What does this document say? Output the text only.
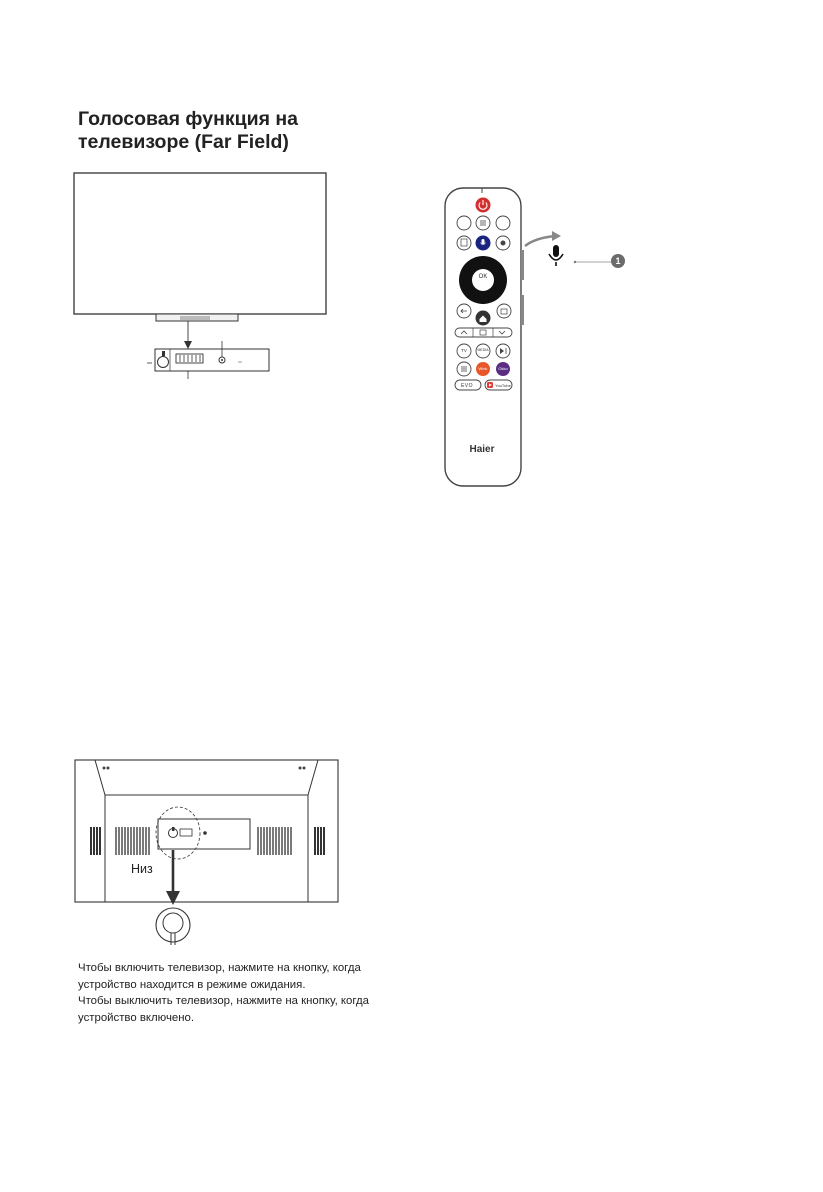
Голосовая функция на
телевизоре (Far Field)
OK
Haier
1
TV	MEDIA
Wink	Okko
EVO	YouTube
Низ
Чтобы включить телевизор, нажмите на кнопку, когда
устройство находится в режиме ожидания.
Чтобы выключить телевизор, нажмите на кнопку, когда
устройство включено.
